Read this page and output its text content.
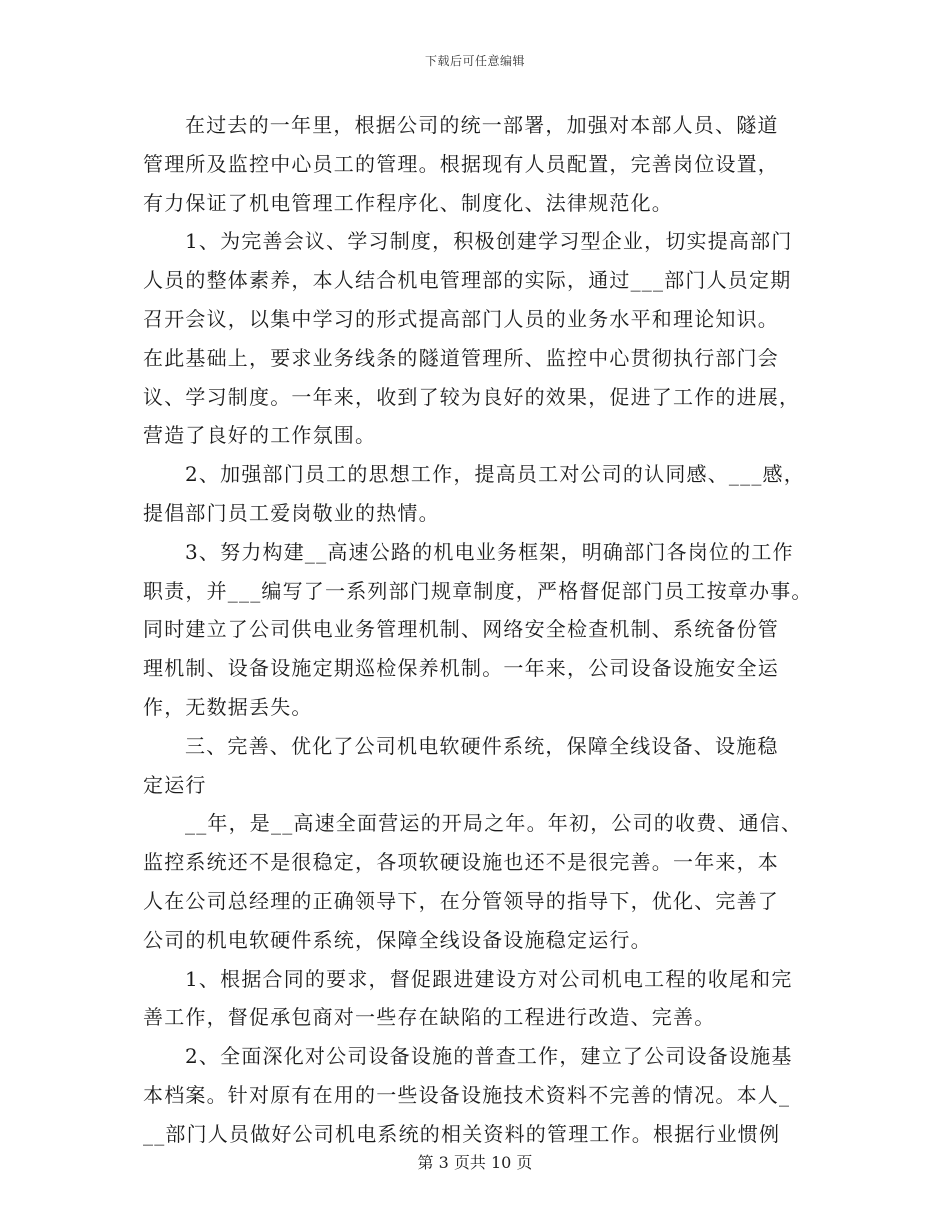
下载后可任意编辑
在过去的一年里，根据公司的统一部署，加强对本部人员、隧道
管理所及监控中心员工的管理。根据现有人员配置，完善岗位设置，
有力保证了机电管理工作程序化、制度化、法律规范化。
1、为完善会议、学习制度，积极创建学习型企业，切实提高部门
人员的整体素养，本人结合机电管理部的实际，通过___部门人员定期
召开会议，以集中学习的形式提高部门人员的业务水平和理论知识。
在此基础上，要求业务线条的隧道管理所、监控中心贯彻执行部门会
议、学习制度。一年来，收到了较为良好的效果，促进了工作的进展，
营造了良好的工作氛围。
2、加强部门员工的思想工作，提高员工对公司的认同感、___感，
提倡部门员工爱岗敬业的热情。
3、努力构建__高速公路的机电业务框架，明确部门各岗位的工作
职责，并___编写了一系列部门规章制度，严格督促部门员工按章办事。
同时建立了公司供电业务管理机制、网络安全检查机制、系统备份管
理机制、设备设施定期巡检保养机制。一年来，公司设备设施安全运
作，无数据丢失。
三、完善、优化了公司机电软硬件系统，保障全线设备、设施稳
定运行
__年，是__高速全面营运的开局之年。年初，公司的收费、通信、
监控系统还不是很稳定，各项软硬设施也还不是很完善。一年来，本
人在公司总经理的正确领导下，在分管领导的指导下，优化、完善了
公司的机电软硬件系统，保障全线设备设施稳定运行。
1、根据合同的要求，督促跟进建设方对公司机电工程的收尾和完
善工作，督促承包商对一些存在缺陷的工程进行改造、完善。
2、全面深化对公司设备设施的普查工作，建立了公司设备设施基
本档案。针对原有在用的一些设备设施技术资料不完善的情况。本人_
__部门人员做好公司机电系统的相关资料的管理工作。根据行业惯例
第 3 页共 10 页
